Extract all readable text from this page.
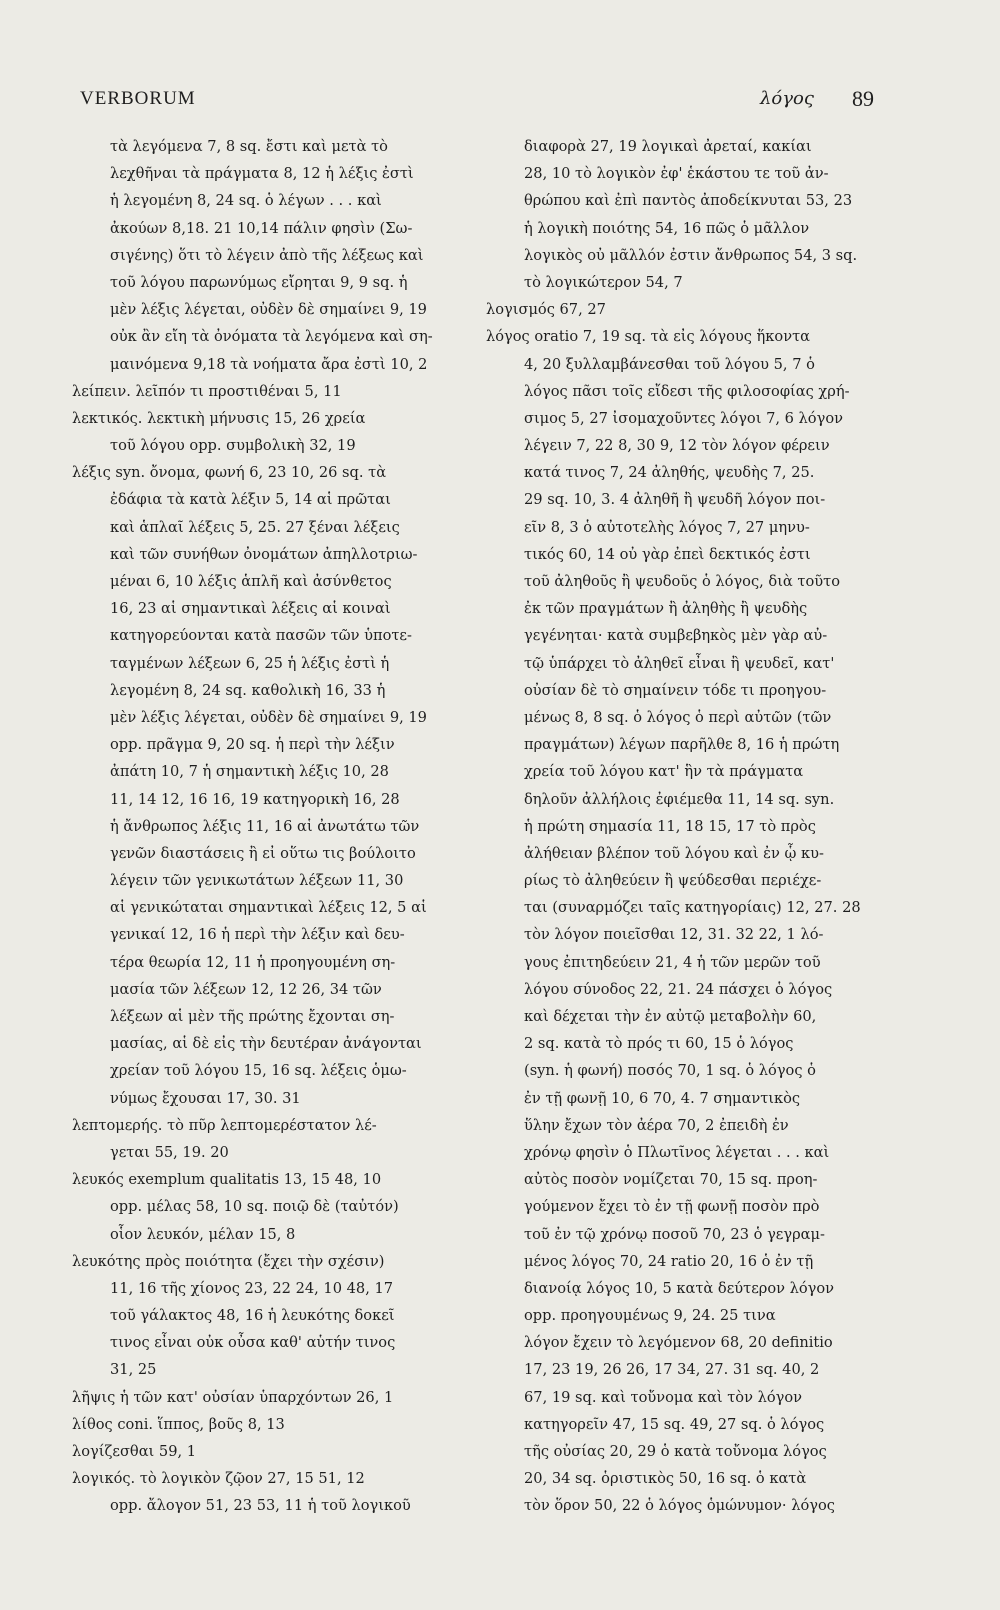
VERBORUM	λόγος 89
τὰ λεγόμενα 7, 8 sq. ἔστι καὶ μετὰ τὸ
λεχθῆναι τὰ πράγματα 8, 12 ἡ λέξις ἐστὶ
ἡ λεγομένη 8, 24 sq. ὁ λέγων . . . καὶ
ἀκούων 8,18. 21 10,14 πάλιν φησὶν (Σω-
σιγένης) ὅτι τὸ λέγειν ἀπὸ τῆς λέξεως καὶ
τοῦ λόγου παρωνύμως εἴρηται 9, 9 sq. ἡ
μὲν λέξις λέγεται, οὐδὲν δὲ σημαίνει 9, 19
οὐκ ἂν εἴη τὰ ὀνόματα τὰ λεγόμενα καὶ ση-
μαινόμενα 9,18 τὰ νοήματα ἄρα ἐστὶ 10, 2
λείπειν. λεῖπόν τι προστιθέναι 5, 11
λεκτικός. λεκτικὴ μήνυσις 15, 26 χρεία
τοῦ λόγου opp. συμβολικὴ 32, 19
λέξις syn. ὄνομα, φωνή 6, 23 10, 26 sq. τὰ
ἐδάφια τὰ κατὰ λέξιν 5, 14 αἱ πρῶται
καὶ ἁπλαῖ λέξεις 5, 25. 27 ξέναι λέξεις
καὶ τῶν συνήθων ὀνομάτων ἀπηλλοτριω-
μέναι 6, 10 λέξις ἁπλῆ καὶ ἀσύνθετος
16, 23 αἱ σημαντικαὶ λέξεις αἱ κοιναὶ
κατηγορεύονται κατὰ πασῶν τῶν ὑποτε-
ταγμένων λέξεων 6, 25 ἡ λέξις ἐστὶ ἡ
λεγομένη 8, 24 sq. καθολικὴ 16, 33 ἡ
μὲν λέξις λέγεται, οὐδὲν δὲ σημαίνει 9, 19
opp. πρᾶγμα 9, 20 sq. ἡ περὶ τὴν λέξιν
ἀπάτη 10, 7 ἡ σημαντικὴ λέξις 10, 28
11, 14 12, 16 16, 19 κατηγορικὴ 16, 28
ἡ ἄνθρωπος λέξις 11, 16 αἱ ἀνωτάτω τῶν
γενῶν διαστάσεις ἢ εἰ οὕτω τις βούλοιτο
λέγειν τῶν γενικωτάτων λέξεων 11, 30
αἱ γενικώταται σημαντικαὶ λέξεις 12, 5 αἱ
γενικαί 12, 16 ἡ περὶ τὴν λέξιν καὶ δευ-
τέρα θεωρία 12, 11 ἡ προηγουμένη ση-
μασία τῶν λέξεων 12, 12 26, 34 τῶν
λέξεων αἱ μὲν τῆς πρώτης ἔχονται ση-
μασίας, αἱ δὲ εἰς τὴν δευτέραν ἀνάγονται
χρείαν τοῦ λόγου 15, 16 sq. λέξεις ὁμω-
νύμως ἔχουσαι 17, 30. 31
λεπτομερής. τὸ πῦρ λεπτομερέστατον λέ-
γεται 55, 19. 20
λευκός exemplum qualitatis 13, 15 48, 10
opp. μέλας 58, 10 sq. ποιῷ δὲ (ταὐτόν)
οἷον λευκόν, μέλαν 15, 8
λευκότης πρὸς ποιότητα (ἔχει τὴν σχέσιν)
11, 16 τῆς χίονος 23, 22 24, 10 48, 17
τοῦ γάλακτος 48, 16 ἡ λευκότης δοκεῖ
τινος εἶναι οὐκ οὖσα καθ' αὑτήν τινος
31, 25
λῆψις ἡ τῶν κατ' οὐσίαν ὑπαρχόντων 26, 1
λίθος coni. ἵππος, βοῦς 8, 13
λογίζεσθαι 59, 1
λογικός. τὸ λογικὸν ζῷον 27, 15 51, 12
opp. ἄλογον 51, 23 53, 11 ἡ τοῦ λογικοῦ
διαφορὰ 27, 19 λογικαὶ ἀρεταί, κακίαι
28, 10 τὸ λογικὸν ἐφ' ἑκάστου τε τοῦ ἀν-
θρώπου καὶ ἐπὶ παντὸς ἀποδείκνυται 53, 23
ἡ λογικὴ ποιότης 54, 16 πῶς ὁ μᾶλλον
λογικὸς οὐ μᾶλλόν ἐστιν ἄνθρωπος 54, 3 sq.
τὸ λογικώτερον 54, 7
λογισμός 67, 27
λόγος oratio 7, 19 sq. τὰ εἰς λόγους ἥκοντα
4, 20 ξυλλαμβάνεσθαι τοῦ λόγου 5, 7 ὁ
λόγος πᾶσι τοῖς εἴδεσι τῆς φιλοσοφίας χρή-
σιμος 5, 27 ἰσομαχοῦντες λόγοι 7, 6 λόγον
λέγειν 7, 22 8, 30 9, 12 τὸν λόγον φέρειν
κατά τινος 7, 24 ἀληθής, ψευδὴς 7, 25.
29 sq. 10, 3. 4 ἀληθῆ ἢ ψευδῆ λόγον ποι-
εῖν 8, 3 ὁ αὐτοτελὴς λόγος 7, 27 μηνυ-
τικός 60, 14 οὐ γὰρ ἐπεὶ δεκτικός ἐστι
τοῦ ἀληθοῦς ἢ ψευδοῦς ὁ λόγος, διὰ τοῦτο
ἐκ τῶν πραγμάτων ἢ ἀληθὴς ἢ ψευδὴς
γεγένηται· κατὰ συμβεβηκὸς μὲν γὰρ αὐ-
τῷ ὑπάρχει τὸ ἀληθεῖ εἶναι ἢ ψευδεῖ, κατ'
οὐσίαν δὲ τὸ σημαίνειν τόδε τι προηγου-
μένως 8, 8 sq. ὁ λόγος ὁ περὶ αὐτῶν (τῶν
πραγμάτων) λέγων παρῆλθε 8, 16 ἡ πρώτη
χρεία τοῦ λόγου κατ' ἣν τὰ πράγματα
δηλοῦν ἀλλήλοις ἐφιέμεθα 11, 14 sq. syn.
ἡ πρώτη σημασία 11, 18 15, 17 τὸ πρὸς
ἀλήθειαν βλέπον τοῦ λόγου καὶ ἐν ᾧ κυ-
ρίως τὸ ἀληθεύειν ἢ ψεύδεσθαι περιέχε-
ται (συναρμόζει ταῖς κατηγορίαις) 12, 27. 28
τὸν λόγον ποιεῖσθαι 12, 31. 32 22, 1 λό-
γους ἐπιτηδεύειν 21, 4 ἡ τῶν μερῶν τοῦ
λόγου σύνοδος 22, 21. 24 πάσχει ὁ λόγος
καὶ δέχεται τὴν ἐν αὐτῷ μεταβολὴν 60,
2 sq. κατὰ τὸ πρός τι 60, 15 ὁ λόγος
(syn. ἡ φωνή) ποσός 70, 1 sq. ὁ λόγος ὁ
ἐν τῇ φωνῇ 10, 6 70, 4. 7 σημαντικὸς
ὕλην ἔχων τὸν ἀέρα 70, 2 ἐπειδὴ ἐν
χρόνῳ φησὶν ὁ Πλωτῖνος λέγεται . . . καὶ
αὐτὸς ποσὸν νομίζεται 70, 15 sq. προη-
γούμενον ἔχει τὸ ἐν τῇ φωνῇ ποσὸν πρὸ
τοῦ ἐν τῷ χρόνῳ ποσοῦ 70, 23 ὁ γεγραμ-
μένος λόγος 70, 24 ratio 20, 16 ὁ ἐν τῇ
διανοίᾳ λόγος 10, 5 κατὰ δεύτερον λόγον
opp. προηγουμένως 9, 24. 25 τινα
λόγον ἔχειν τὸ λεγόμενον 68, 20 definitio
17, 23 19, 26 26, 17 34, 27. 31 sq. 40, 2
67, 19 sq. καὶ τοὔνομα καὶ τὸν λόγον
κατηγορεῖν 47, 15 sq. 49, 27 sq. ὁ λόγος
τῆς οὐσίας 20, 29 ὁ κατὰ τοὔνομα λόγος
20, 34 sq. ὁριστικὸς 50, 16 sq. ὁ κατὰ
τὸν ὅρον 50, 22 ὁ λόγος ὁμώνυμον· λόγος
